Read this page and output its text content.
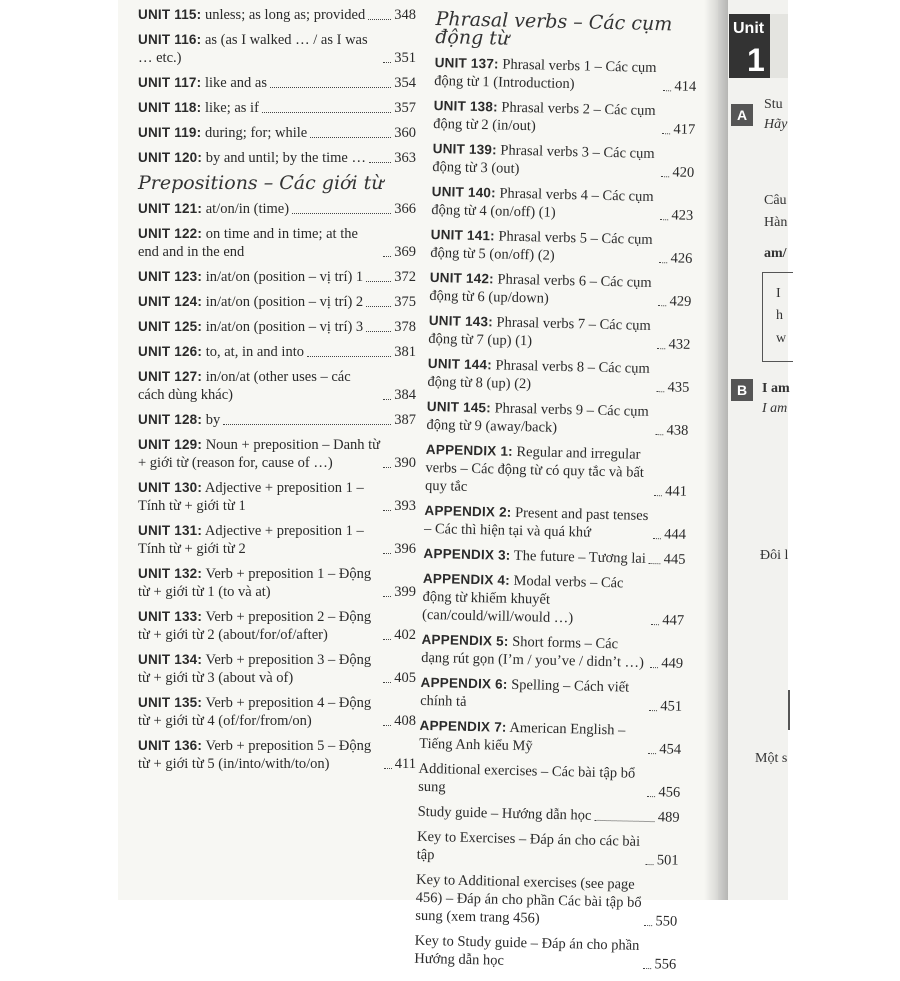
UNIT 115: unless; as long as; provided 348
UNIT 116: as (as I walked … / as I was … etc.)	351
UNIT 117: like and as	354
UNIT 118: like; as if	357
UNIT 119: during; for; while	360
UNIT 120: by and until; by the time … 363
Prepositions – Các giới từ
UNIT 121: at/on/in (time)	366
UNIT 122: on time and in time; at the end and in the end	369
UNIT 123: in/at/on (position – vị trí) 1 372
UNIT 124: in/at/on (position – vị trí) 2 375
UNIT 125: in/at/on (position – vị trí) 3 378
UNIT 126: to, at, in and into	381
UNIT 127: in/on/at (other uses – các cách dùng khác)	384
UNIT 128: by	387
UNIT 129: Noun + preposition – Danh từ + giới từ (reason for, cause of …)	390
UNIT 130: Adjective + preposition 1 – Tính từ + giới từ 1	393
UNIT 131: Adjective + preposition 1 – Tính từ + giới từ 2	396
UNIT 132: Verb + preposition 1 – Động từ + giới từ 1 (to và at)	399
UNIT 133: Verb + preposition 2 – Động từ + giới từ 2 (about/for/of/after)	402
UNIT 134: Verb + preposition 3 – Động từ + giới từ 3 (about và of)	405
UNIT 135: Verb + preposition 4 – Động từ + giới từ 4 (of/for/from/on)	408
UNIT 136: Verb + preposition 5 – Động từ + giới từ 5 (in/into/with/to/on)	411
Phrasal verbs – Các cụm động từ
UNIT 137: Phrasal verbs 1 – Các cụm động từ 1 (Introduction)	414
UNIT 138: Phrasal verbs 2 – Các cụm động từ 2 (in/out)	417
UNIT 139: Phrasal verbs 3 – Các cụm động từ 3 (out)	420
UNIT 140: Phrasal verbs 4 – Các cụm động từ 4 (on/off) (1)	423
UNIT 141: Phrasal verbs 5 – Các cụm động từ 5 (on/off) (2)	426
UNIT 142: Phrasal verbs 6 – Các cụm động từ 6 (up/down)	429
UNIT 143: Phrasal verbs 7 – Các cụm động từ 7 (up) (1)	432
UNIT 144: Phrasal verbs 8 – Các cụm động từ 8 (up) (2)	435
UNIT 145: Phrasal verbs 9 – Các cụm động từ 9 (away/back)	438
APPENDIX 1: Regular and irregular verbs – Các động từ có quy tắc và bất quy tắc	441
APPENDIX 2: Present and past tenses – Các thì hiện tại và quá khứ	444
APPENDIX 3: The future – Tương lai 445
APPENDIX 4: Modal verbs – Các động từ khiếm khuyết (can/could/will/would …)	447
APPENDIX 5: Short forms – Các dạng rút gọn (I’m / you’ve / didn’t …) 449
APPENDIX 6: Spelling – Cách viết chính tả	451
APPENDIX 7: American English – Tiếng Anh kiểu Mỹ	454
Additional exercises – Các bài tập bổ sung	456
Study guide – Hướng dẫn học	489
Key to Exercises – Đáp án cho các bài tập	501
Key to Additional exercises (see page 456) – Đáp án cho phần Các bài tập bổ sung (xem trang 456)	550
Key to Study guide – Đáp án cho phần Hướng dẫn học	556
Unit
1
A
B
Stu
Hãy
Câu
Hàn
am/
I
h
w
I am
I am
Đôi l
Một s
